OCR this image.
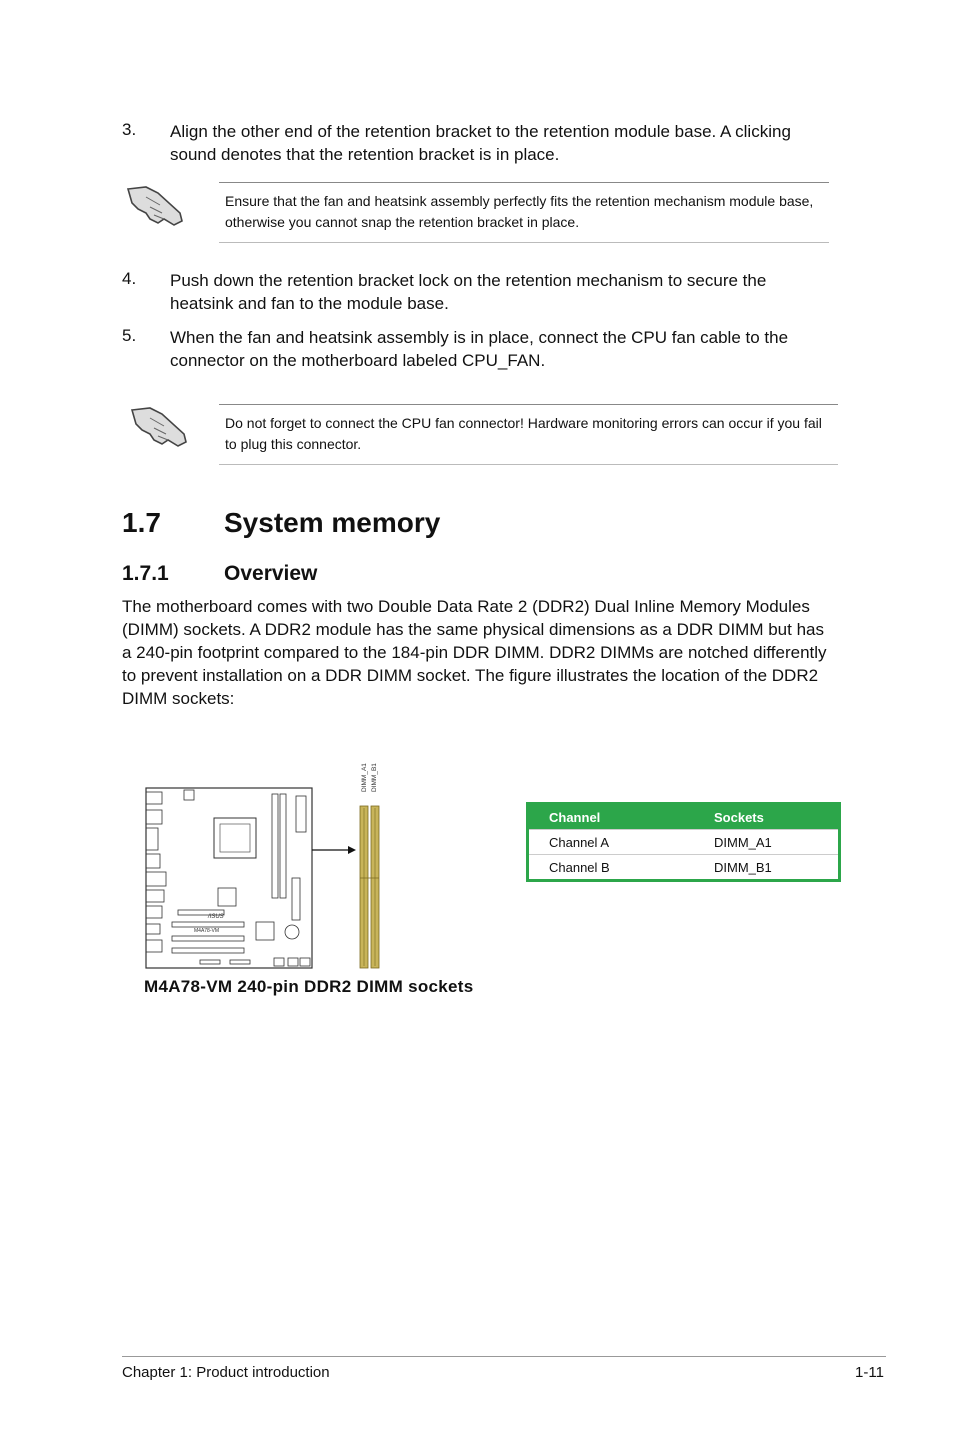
3. Align the other end of the retention bracket to the retention module base. A clicking sound denotes that the retention bracket is in place.
Ensure that the fan and heatsink assembly perfectly fits the retention mechanism module base, otherwise you cannot snap the retention bracket in place.
4. Push down the retention bracket lock on the retention mechanism to secure the heatsink and fan to the module base.
5. When the fan and heatsink assembly is in place, connect the CPU fan cable to the connector on the motherboard labeled CPU_FAN.
Do not forget to connect the CPU fan connector! Hardware monitoring errors can occur if you fail to plug this connector.
1.7 System memory
1.7.1	Overview
The motherboard comes with two Double Data Rate 2 (DDR2) Dual Inline Memory Modules (DIMM) sockets. A DDR2 module has the same physical dimensions as a DDR DIMM but has a 240-pin footprint compared to the 184-pin DDR DIMM. DDR2 DIMMs are notched differently to prevent installation on a DDR DIMM socket. The figure illustrates the location of the DDR2 DIMM sockets:
/ISUS
M4A78-VM
DIMM_A1 DIMM_B1
M4A78-VM 240-pin DDR2 DIMM sockets
Channel	Sockets
Channel A	DIMM_A1
Channel B	DIMM_B1
Chapter 1: Product introduction	1-11
